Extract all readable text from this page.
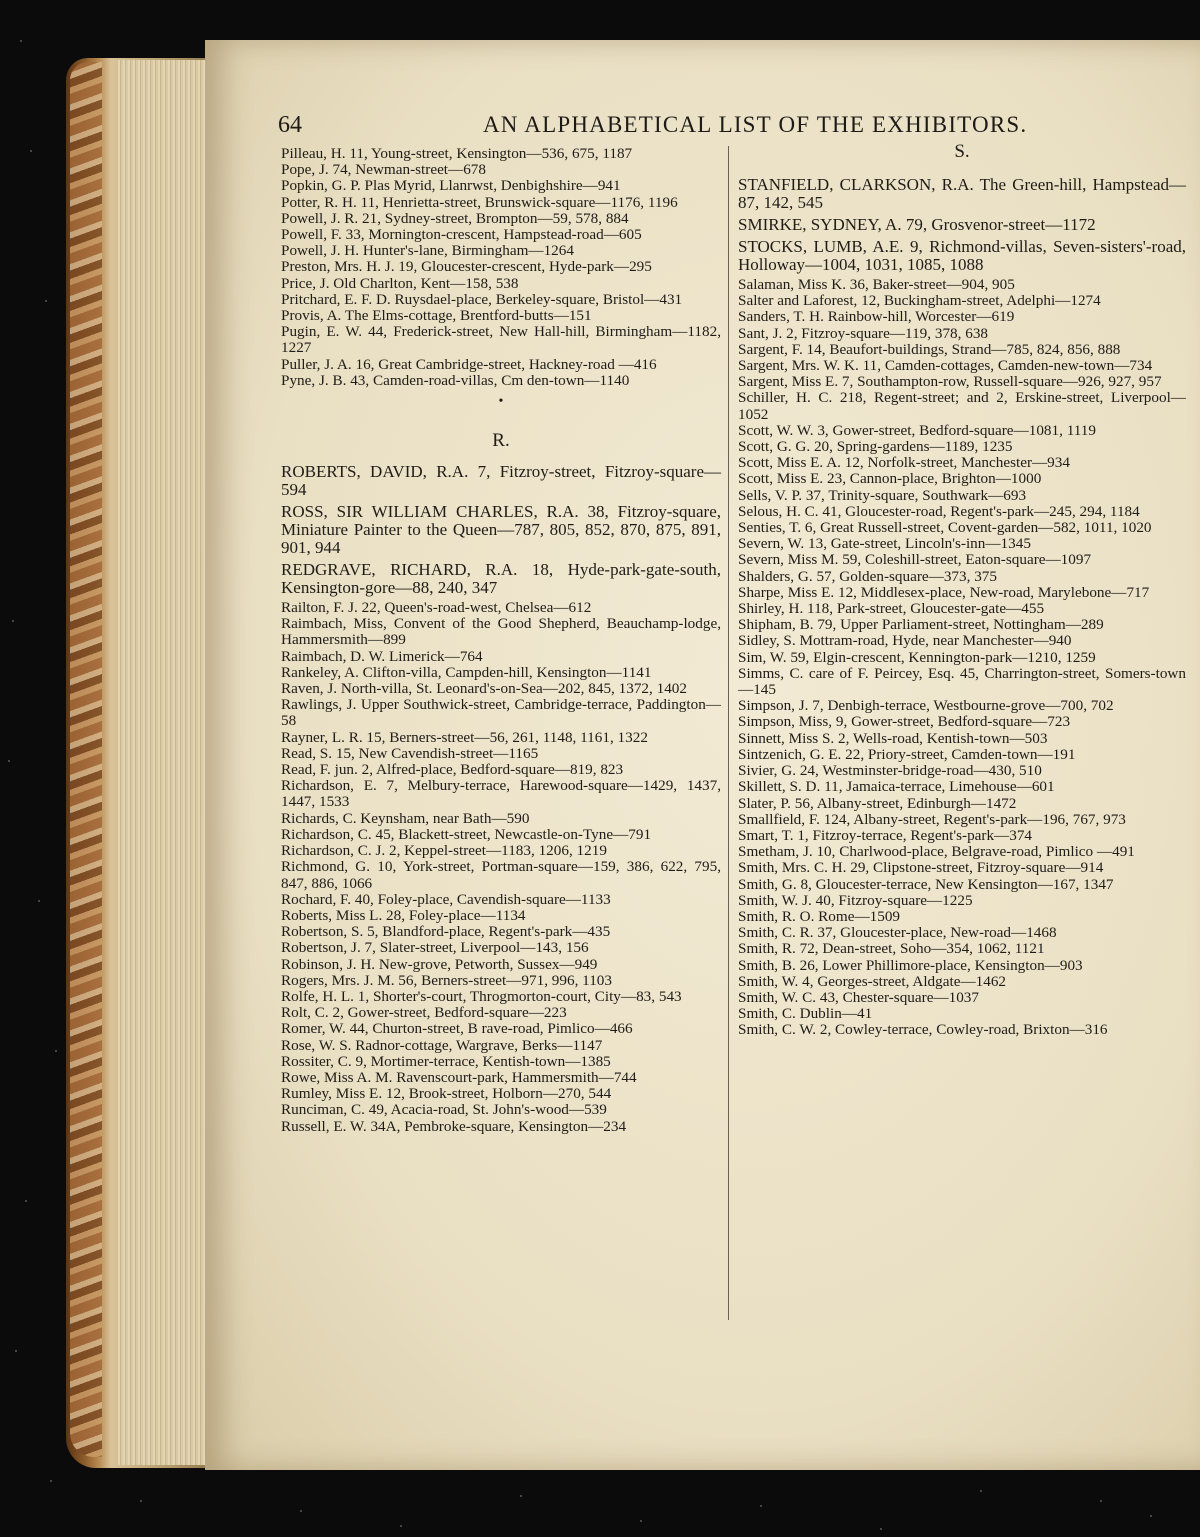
64	AN ALPHABETICAL LIST OF THE EXHIBITORS.

Pilleau, H. 11, Young-street, Kensington—536, 675, 1187

Pope, J. 74, Newman-street—678

Popkin, G. P. Plas Myrid, Llanrwst, Denbighshire—941

Potter, R. H. 11, Henrietta-street, Brunswick-square—1176, 1196

Powell, J. R. 21, Sydney-street, Brompton—59, 578, 884

Powell, F. 33, Mornington-crescent, Hampstead-road—605

Powell, J. H. Hunter's-lane, Birmingham—1264

Preston, Mrs. H. J. 19, Gloucester-crescent, Hyde-park—295

Price, J. Old Charlton, Kent—158, 538

Pritchard, E. F. D. Ruysdael-place, Berkeley-square, Bristol—431

Provis, A. The Elms-cottage, Brentford-butts—151

Pugin, E. W. 44, Frederick-street, New Hall-hill, Birmingham—1182, 1227

Puller, J. A. 16, Great Cambridge-street, Hackney-road —416

Pyne, J. B. 43, Camden-road-villas, Cm den-town—1140

•
R.

ROBERTS, DAVID, R.A. 7, Fitzroy-street, Fitzroy-square—594

ROSS, SIR WILLIAM CHARLES, R.A. 38, Fitzroy-square, Miniature Painter to the Queen—787, 805, 852, 870, 875, 891, 901, 944

REDGRAVE, RICHARD, R.A. 18, Hyde-park-gate-south, Kensington-gore—88, 240, 347

Railton, F. J. 22, Queen's-road-west, Chelsea—612

Raimbach, Miss, Convent of the Good Shepherd, Beauchamp-lodge, Hammersmith—899

Raimbach, D. W. Limerick—764

Rankeley, A. Clifton-villa, Campden-hill, Kensington—1141

Raven, J. North-villa, St. Leonard's-on-Sea—202, 845, 1372, 1402

Rawlings, J. Upper Southwick-street, Cambridge-terrace, Paddington—58

Rayner, L. R. 15, Berners-street—56, 261, 1148, 1161, 1322

Read, S. 15, New Cavendish-street—1165

Read, F. jun. 2, Alfred-place, Bedford-square—819, 823

Richardson, E. 7, Melbury-terrace, Harewood-square—1429, 1437, 1447, 1533

Richards, C. Keynsham, near Bath—590

Richardson, C. 45, Blackett-street, Newcastle-on-Tyne—791

Richardson, C. J. 2, Keppel-street—1183, 1206, 1219

Richmond, G. 10, York-street, Portman-square—159, 386, 622, 795, 847, 886, 1066

Rochard, F. 40, Foley-place, Cavendish-square—1133

Roberts, Miss L. 28, Foley-place—1134

Robertson, S. 5, Blandford-place, Regent's-park—435

Robertson, J. 7, Slater-street, Liverpool—143, 156

Robinson, J. H. New-grove, Petworth, Sussex—949

Rogers, Mrs. J. M. 56, Berners-street—971, 996, 1103

Rolfe, H. L. 1, Shorter's-court, Throgmorton-court, City—83, 543

Rolt, C. 2, Gower-street, Bedford-square—223

Romer, W. 44, Churton-street, B rave-road, Pimlico—466

Rose, W. S. Radnor-cottage, Wargrave, Berks—1147

Rossiter, C. 9, Mortimer-terrace, Kentish-town—1385

Rowe, Miss A. M. Ravenscourt-park, Hammersmith—744

Rumley, Miss E. 12, Brook-street, Holborn—270, 544

Runciman, C. 49, Acacia-road, St. John's-wood—539

Russell, E. W. 34A, Pembroke-square, Kensington—234

S.

STANFIELD, CLARKSON, R.A. The Green-hill, Hampstead—87, 142, 545

SMIRKE, SYDNEY, A. 79, Grosvenor-street—1172

STOCKS, LUMB, A.E. 9, Richmond-villas, Seven-sisters'-road, Holloway—1004, 1031, 1085, 1088

Salaman, Miss K. 36, Baker-street—904, 905

Salter and Laforest, 12, Buckingham-street, Adelphi—1274

Sanders, T. H. Rainbow-hill, Worcester—619

Sant, J. 2, Fitzroy-square—119, 378, 638

Sargent, F. 14, Beaufort-buildings, Strand—785, 824, 856, 888

Sargent, Mrs. W. K. 11, Camden-cottages, Camden-new-town—734

Sargent, Miss E. 7, Southampton-row, Russell-square—926, 927, 957

Schiller, H. C. 218, Regent-street; and 2, Erskine-street, Liverpool—1052

Scott, W. W. 3, Gower-street, Bedford-square—1081, 1119

Scott, G. G. 20, Spring-gardens—1189, 1235

Scott, Miss E. A. 12, Norfolk-street, Manchester—934

Scott, Miss E. 23, Cannon-place, Brighton—1000

Sells, V. P. 37, Trinity-square, Southwark—693

Selous, H. C. 41, Gloucester-road, Regent's-park—245, 294, 1184

Senties, T. 6, Great Russell-street, Covent-garden—582, 1011, 1020

Severn, W. 13, Gate-street, Lincoln's-inn—1345

Severn, Miss M. 59, Coleshill-street, Eaton-square—1097

Shalders, G. 57, Golden-square—373, 375

Sharpe, Miss E. 12, Middlesex-place, New-road, Marylebone—717

Shirley, H. 118, Park-street, Gloucester-gate—455

Shipham, B. 79, Upper Parliament-street, Nottingham—289

Sidley, S. Mottram-road, Hyde, near Manchester—940

Sim, W. 59, Elgin-crescent, Kennington-park—1210, 1259

Simms, C. care of F. Peircey, Esq. 45, Charrington-street, Somers-town—145

Simpson, J. 7, Denbigh-terrace, Westbourne-grove—700, 702

Simpson, Miss, 9, Gower-street, Bedford-square—723

Sinnett, Miss S. 2, Wells-road, Kentish-town—503

Sintzenich, G. E. 22, Priory-street, Camden-town—191

Sivier, G. 24, Westminster-bridge-road—430, 510

Skillett, S. D. 11, Jamaica-terrace, Limehouse—601

Slater, P. 56, Albany-street, Edinburgh—1472

Smallfield, F. 124, Albany-street, Regent's-park—196, 767, 973

Smart, T. 1, Fitzroy-terrace, Regent's-park—374

Smetham, J. 10, Charlwood-place, Belgrave-road, Pimlico —491

Smith, Mrs. C. H. 29, Clipstone-street, Fitzroy-square—914

Smith, G. 8, Gloucester-terrace, New Kensington—167, 1347

Smith, W. J. 40, Fitzroy-square—1225

Smith, R. O. Rome—1509

Smith, C. R. 37, Gloucester-place, New-road—1468

Smith, R. 72, Dean-street, Soho—354, 1062, 1121

Smith, B. 26, Lower Phillimore-place, Kensington—903

Smith, W. 4, Georges-street, Aldgate—1462

Smith, W. C. 43, Chester-square—1037

Smith, C. Dublin—41

Smith, C. W. 2, Cowley-terrace, Cowley-road, Brixton—316
